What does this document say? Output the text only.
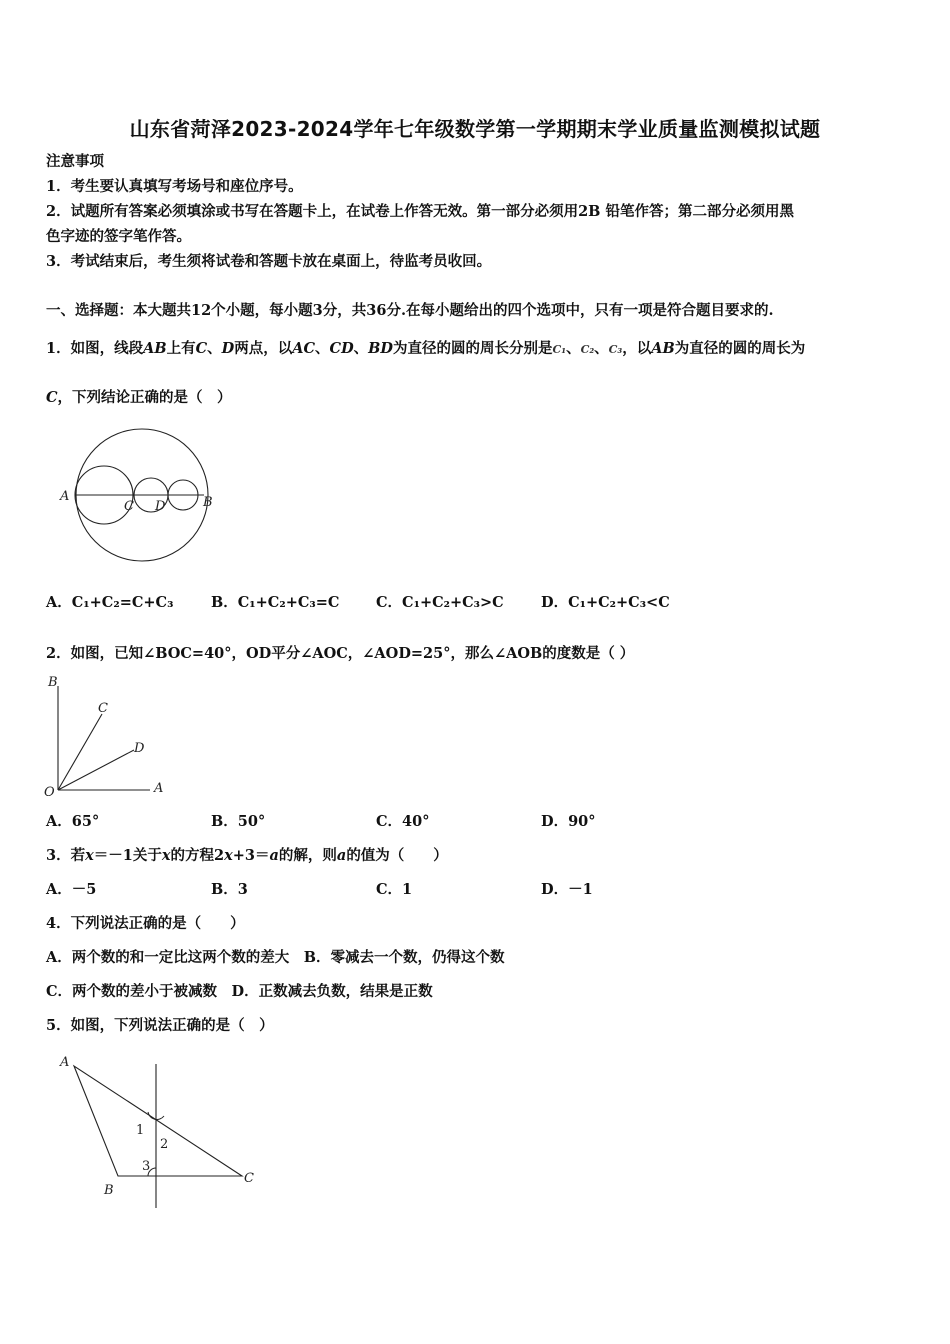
山东省菏泽2023-2024学年七年级数学第一学期期末学业质量监测模拟试题
注意事项
1．考生要认真填写考场号和座位序号。
2．试题所有答案必须填涂或书写在答题卡上，在试卷上作答无效。第一部分必须用2B 铅笔作答；第二部分必须用黑
色字迹的签字笔作答。
3．考试结束后，考生须将试卷和答题卡放在桌面上，待监考员收回。
一、选择题：本大题共12个小题，每小题3分，共36分.在每小题给出的四个选项中，只有一项是符合题目要求的.
1．如图，线段AB上有C、D两点，以AC、CD、BD为直径的圆的周长分别是C₁、C₂、C₃，以AB为直径的圆的周长为
C，下列结论正确的是（　）
A	B
C D
A．C₁+C₂=C+C₃	B．C₁+C₂+C₃=C	C．C₁+C₂+C₃>C	D．C₁+C₂+C₃<C
2．如图，已知∠BOC=40°，OD平分∠AOC，∠AOD=25°，那么∠AOB的度数是（ ）
B
C
D
O	A
A．65°	B．50°	C．40°	D．90°
3．若x＝－1关于x的方程2x+3＝a的解，则a的值为（　　）
A．－5	B．3	C．1	D．－1
4．下列说法正确的是（　　）
A．两个数的和一定比这两个数的差大　B．零减去一个数，仍得这个数
C．两个数的差小于被减数　D．正数减去负数，结果是正数
5．如图，下列说法正确的是（　）
A
B
C
1
2
3
